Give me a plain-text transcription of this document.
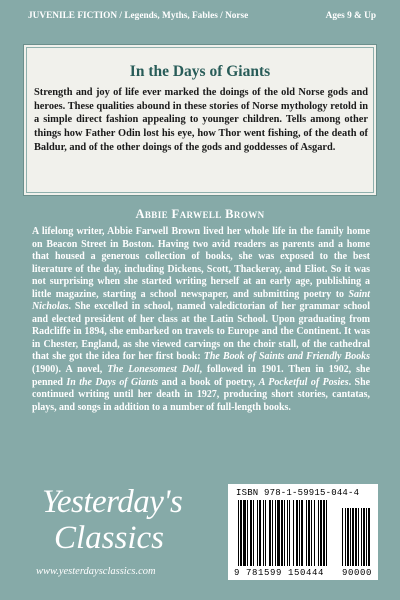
JUVENILE FICTION / Legends, Myths, Fables / Norse	Ages 9 & Up
In the Days of Giants
Strength and joy of life ever marked the doings of the old Norse gods and heroes. These qualities abound in these stories of Norse mythology retold in a simple direct fashion appealing to younger children. Tells among other things how Father Odin lost his eye, how Thor went fishing, of the death of Baldur, and of the other doings of the gods and goddesses of Asgard.
Abbie Farwell Brown
A lifelong writer, Abbie Farwell Brown lived her whole life in the family home on Beacon Street in Boston. Having two avid readers as parents and a home that housed a generous collection of books, she was exposed to the best literature of the day, including Dickens, Scott, Thackeray, and Eliot. So it was not surprising when she started writing herself at an early age, publishing a little magazine, starting a school newspaper, and submitting poetry to Saint Nicholas. She excelled in school, named valedictorian of her grammar school and elected president of her class at the Latin School. Upon graduating from Radcliffe in 1894, she embarked on travels to Europe and the Continent. It was in Chester, England, as she viewed carvings on the choir stall, of the cathedral that she got the idea for her first book: The Book of Saints and Friendly Books (1900). A novel, The Lonesomest Doll, followed in 1901. Then in 1902, she penned In the Days of Giants and a book of poetry, A Pocketful of Posies. She continued writing until her death in 1927, producing short stories, cantatas, plays, and songs in addition to a number of full-length books.
Yesterday's
Classics
www.yesterdaysclassics.com
ISBN 978-1-59915-044-4
9 781599 150444 90000
